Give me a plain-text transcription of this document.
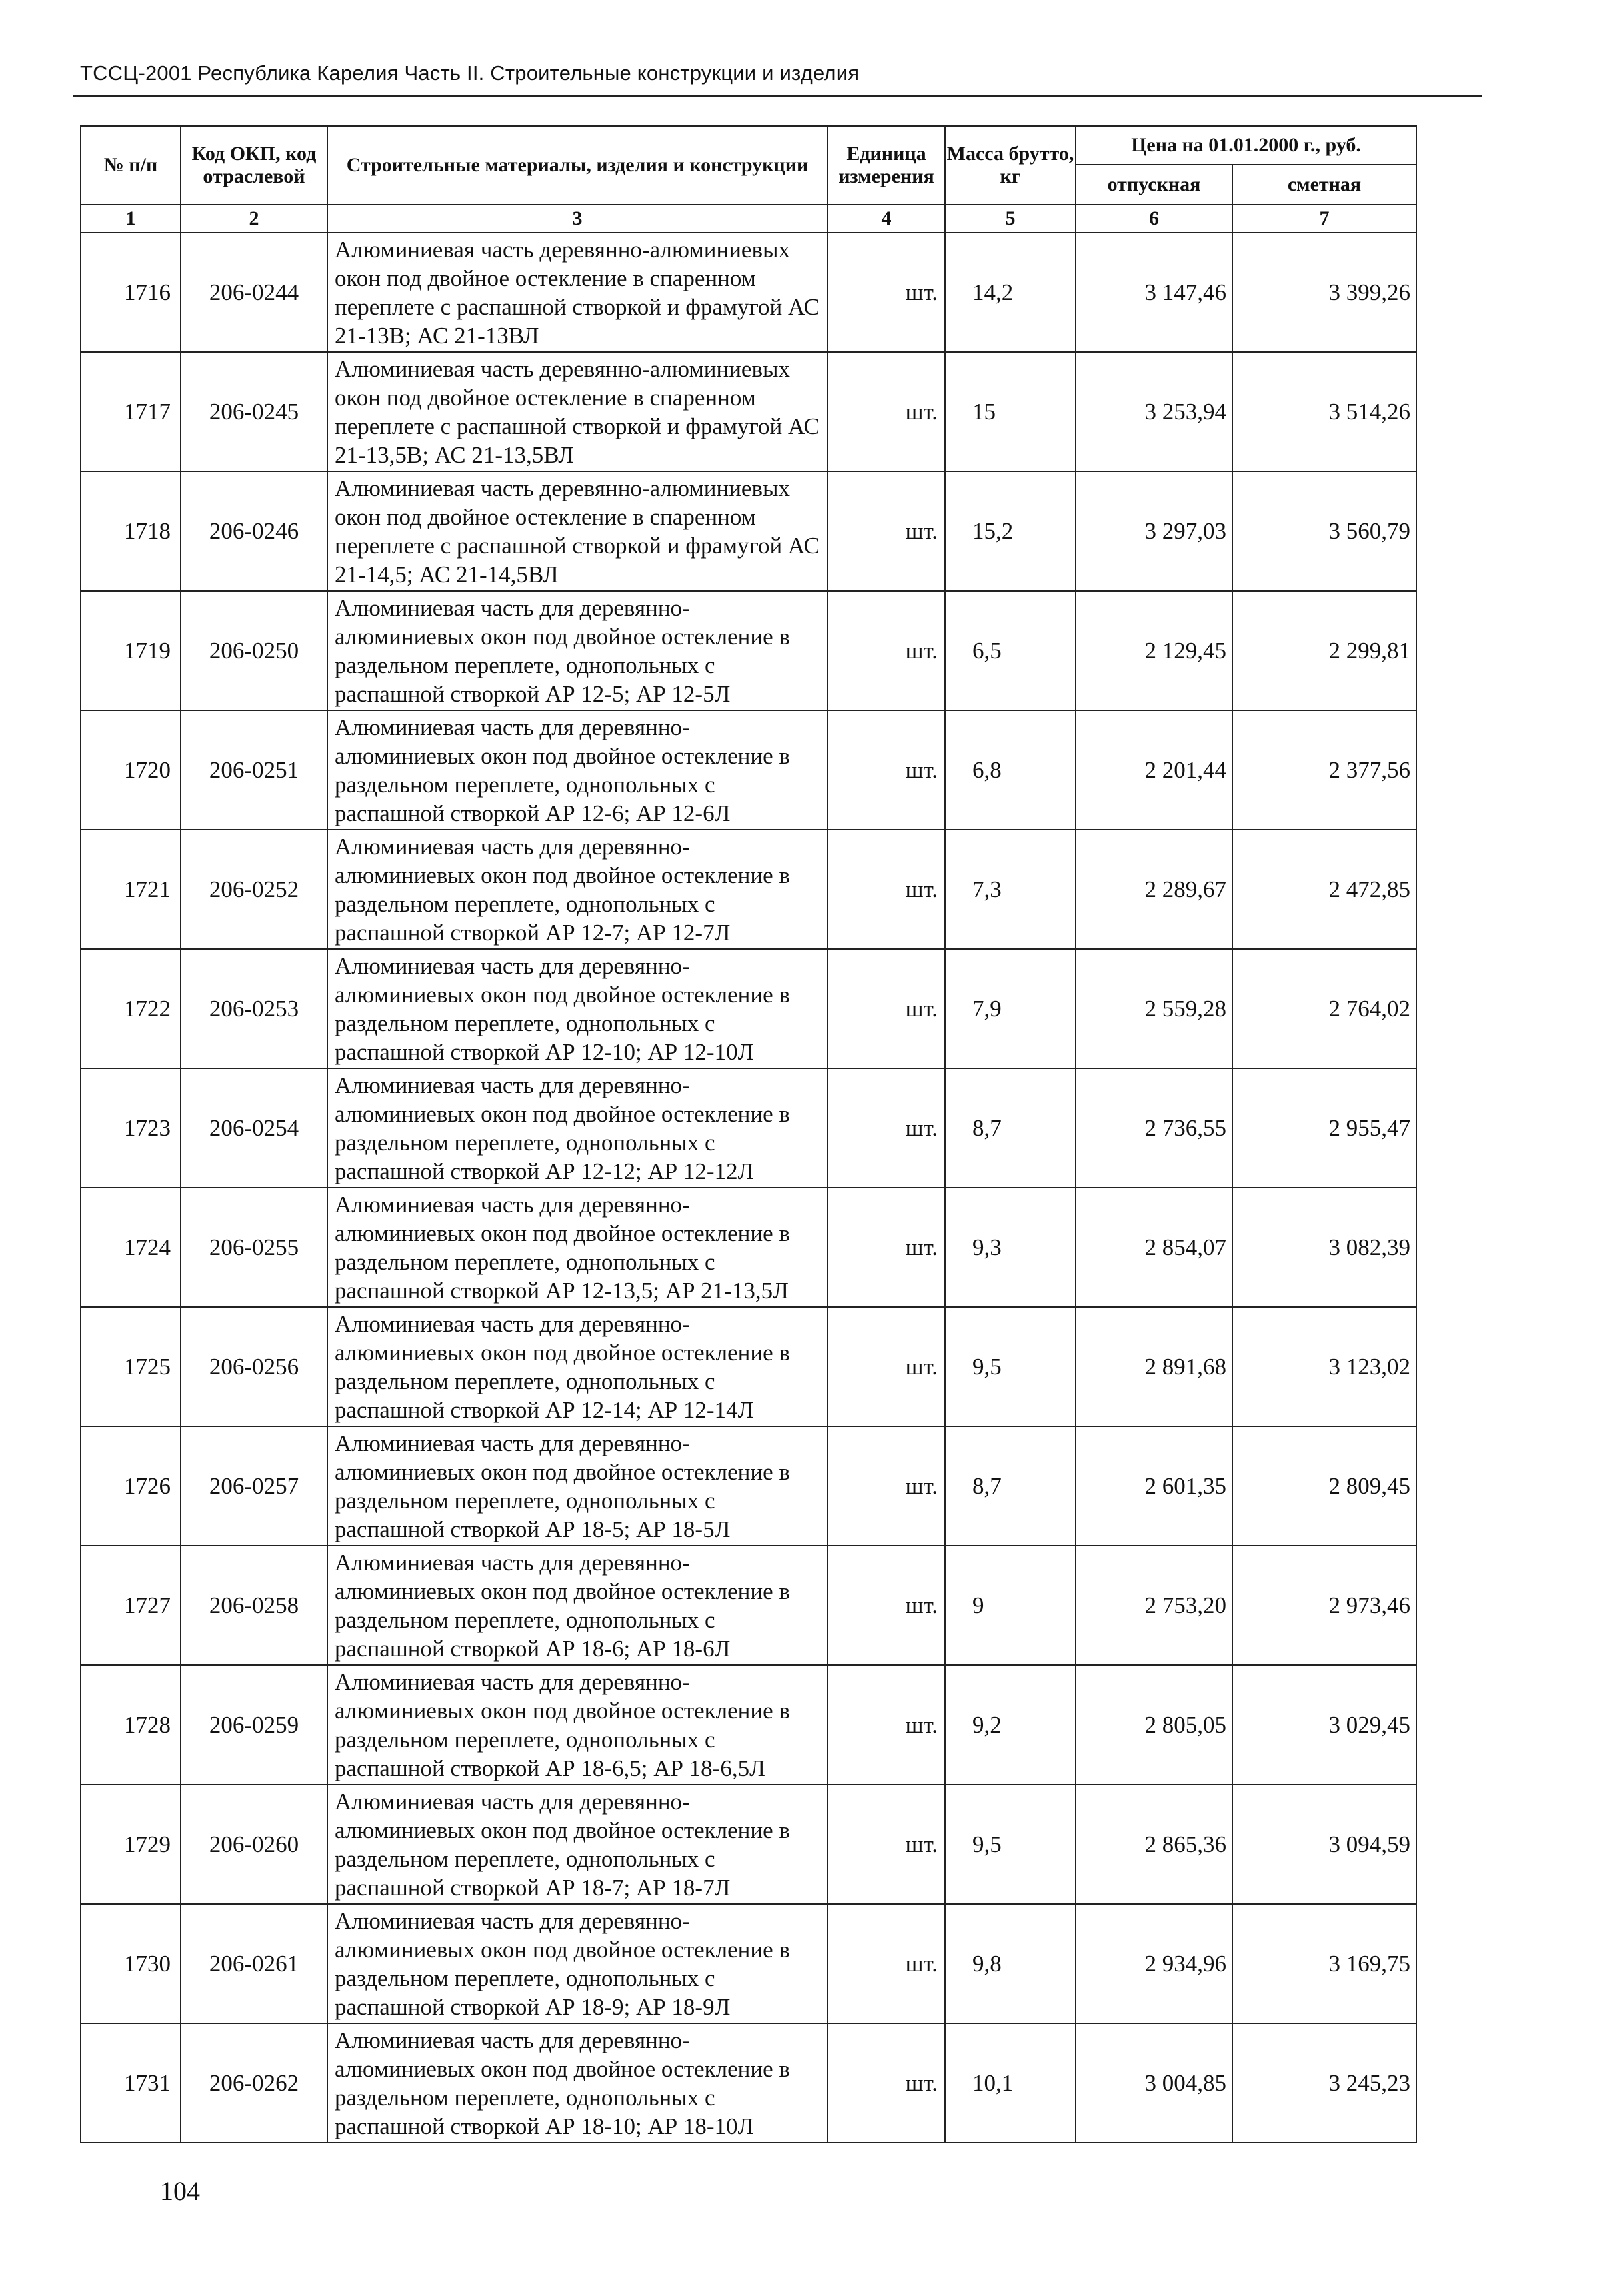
ТССЦ-2001 Республика Карелия Часть II. Строительные конструкции и изделия
№ п/п	Код ОКП, код отраслевой	Строительные материалы, изделия и конструкции	Единица измерения	Масса брутто, кг	Цена на 01.01.2000 г., руб.	
					отпускная	сметная
1	2	3	4	5	6	7
1716	206-0244	Алюминиевая часть деревянно-алюминиевых окон под двойное остекление в спаренном переплете с распашной створкой и фрамугой АС 21-13В; АС 21-13ВЛ	шт.	14,2	3 147,46	3 399,26
1717	206-0245	Алюминиевая часть деревянно-алюминиевых окон под двойное остекление в спаренном переплете с распашной створкой и фрамугой АС 21-13,5В; АС 21-13,5ВЛ	шт.	15	3 253,94	3 514,26
1718	206-0246	Алюминиевая часть деревянно-алюминиевых окон под двойное остекление в спаренном переплете с распашной створкой и фрамугой АС 21-14,5; АС 21-14,5ВЛ	шт.	15,2	3 297,03	3 560,79
1719	206-0250	Алюминиевая часть для деревянно-алюминиевых окон под двойное остекление в раздельном переплете, однопольных с распашной створкой АР 12-5; АР 12-5Л	шт.	6,5	2 129,45	2 299,81
1720	206-0251	Алюминиевая часть для деревянно-алюминиевых окон под двойное остекление в раздельном переплете, однопольных с распашной створкой АР 12-6; АР 12-6Л	шт.	6,8	2 201,44	2 377,56
1721	206-0252	Алюминиевая часть для деревянно-алюминиевых окон под двойное остекление в раздельном переплете, однопольных с распашной створкой АР 12-7; АР 12-7Л	шт.	7,3	2 289,67	2 472,85
1722	206-0253	Алюминиевая часть для деревянно-алюминиевых окон под двойное остекление в раздельном переплете, однопольных с распашной створкой АР 12-10; АР 12-10Л	шт.	7,9	2 559,28	2 764,02
1723	206-0254	Алюминиевая часть для деревянно-алюминиевых окон под двойное остекление в раздельном переплете, однопольных с распашной створкой АР 12-12; АР 12-12Л	шт.	8,7	2 736,55	2 955,47
1724	206-0255	Алюминиевая часть для деревянно-алюминиевых окон под двойное остекление в раздельном переплете, однопольных с распашной створкой АР 12-13,5; АР 21-13,5Л	шт.	9,3	2 854,07	3 082,39
1725	206-0256	Алюминиевая часть для деревянно-алюминиевых окон под двойное остекление в раздельном переплете, однопольных с распашной створкой АР 12-14; АР 12-14Л	шт.	9,5	2 891,68	3 123,02
1726	206-0257	Алюминиевая часть для деревянно-алюминиевых окон под двойное остекление в раздельном переплете, однопольных с распашной створкой АР 18-5; АР 18-5Л	шт.	8,7	2 601,35	2 809,45
1727	206-0258	Алюминиевая часть для деревянно-алюминиевых окон под двойное остекление в раздельном переплете, однопольных с распашной створкой АР 18-6; АР 18-6Л	шт.	9	2 753,20	2 973,46
1728	206-0259	Алюминиевая часть для деревянно-алюминиевых окон под двойное остекление в раздельном переплете, однопольных с распашной створкой АР 18-6,5; АР 18-6,5Л	шт.	9,2	2 805,05	3 029,45
1729	206-0260	Алюминиевая часть для деревянно-алюминиевых окон под двойное остекление в раздельном переплете, однопольных с распашной створкой АР 18-7; АР 18-7Л	шт.	9,5	2 865,36	3 094,59
1730	206-0261	Алюминиевая часть для деревянно-алюминиевых окон под двойное остекление в раздельном переплете, однопольных с распашной створкой АР 18-9; АР 18-9Л	шт.	9,8	2 934,96	3 169,75
1731	206-0262	Алюминиевая часть для деревянно-алюминиевых окон под двойное остекление в раздельном переплете, однопольных с распашной створкой АР 18-10; АР 18-10Л	шт.	10,1	3 004,85	3 245,23
104
